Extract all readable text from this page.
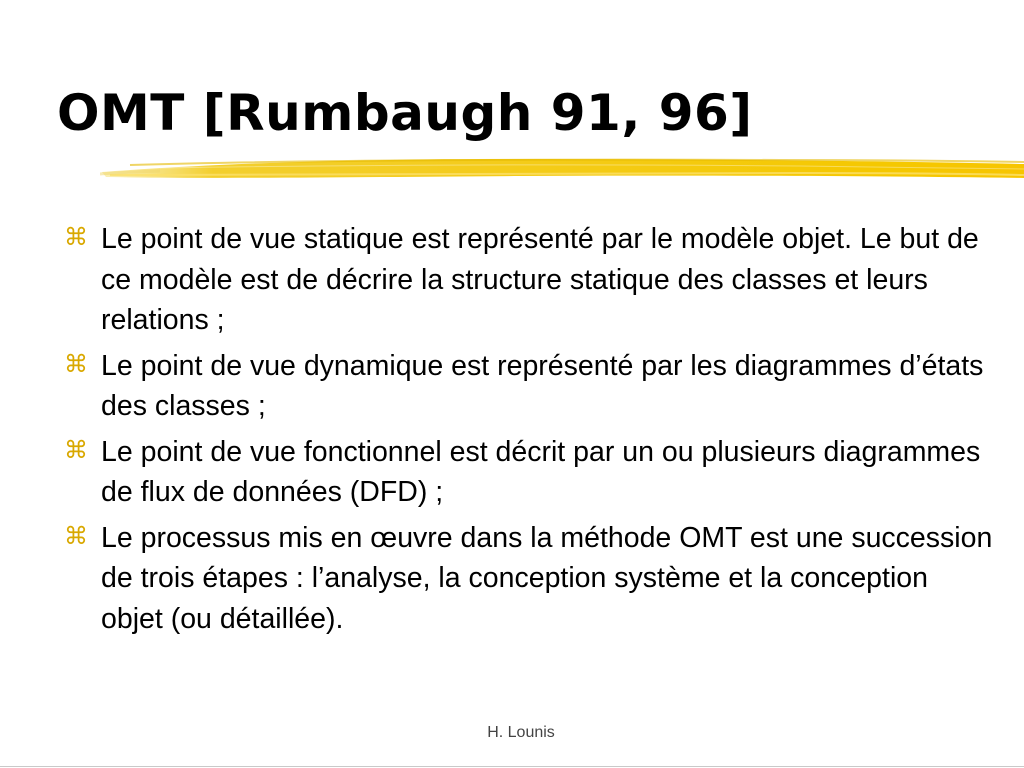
OMT [Rumbaugh 91, 96]
⌘ Le point de vue statique est représenté par le modèle objet. Le but de ce modèle est de décrire la structure statique des classes et leurs relations ;
⌘ Le point de vue dynamique est représenté par les diagrammes d’états des classes ;
⌘ Le point de vue fonctionnel est décrit par un ou plusieurs diagrammes de flux de données (DFD) ;
⌘ Le processus mis en œuvre dans la méthode OMT est une succession de trois étapes : l’analyse, la conception système et la conception objet (ou détaillée).
H. Lounis
